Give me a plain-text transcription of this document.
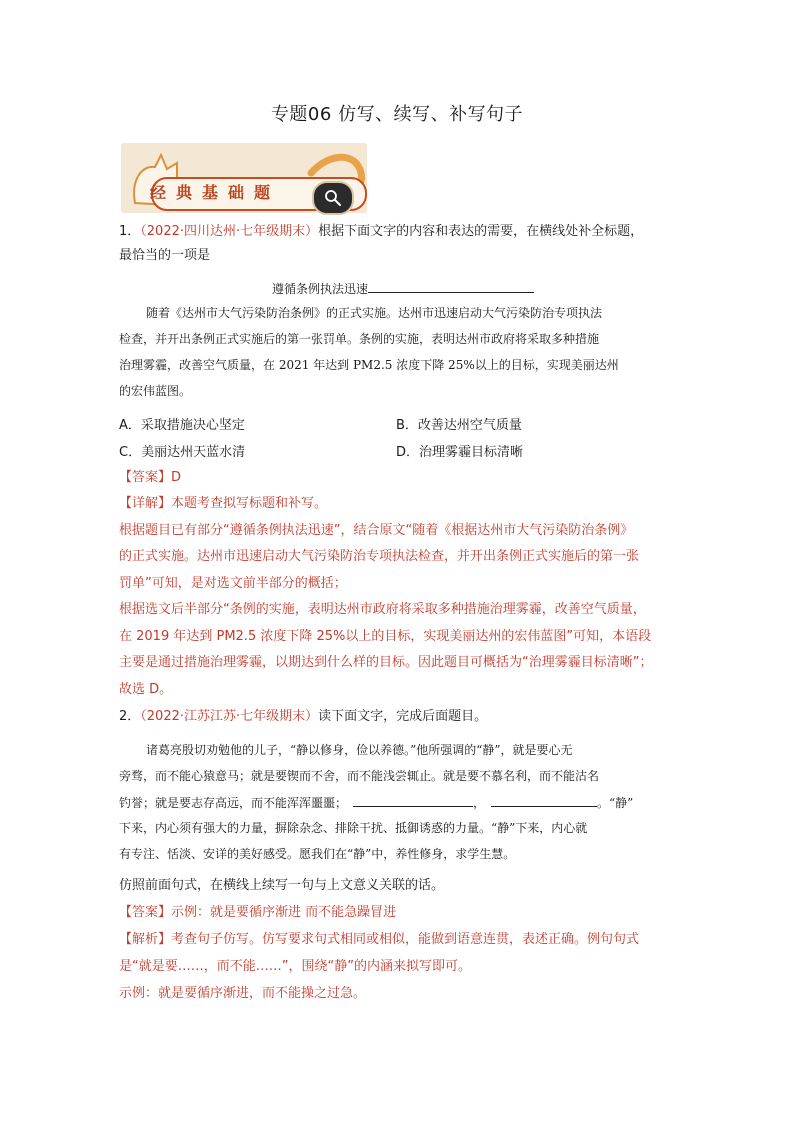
专题06 仿写、续写、补写句子
经典基础题
1．（2022·四川达州·七年级期末）根据下面文字的内容和表达的需要，在横线处补全标题，
最恰当的一项是
遵循条例执法迅速
随着《达州市大气污染防治条例》的正式实施。达州市迅速启动大气污染防治专项执法
检查，并开出条例正式实施后的第一张罚单。条例的实施，表明达州市政府将采取多种措施
治理雾霾，改善空气质量，在 2021 年达到 PM2.5 浓度下降 25%以上的目标，实现美丽达州
的宏伟蓝图。
A．采取措施决心坚定	B．改善达州空气质量
C．美丽达州天蓝水清	D．治理雾霾目标清晰
【答案】D
【详解】本题考查拟写标题和补写。
根据题目已有部分“遵循条例执法迅速”，结合原文“随着《根据达州市大气污染防治条例》
的正式实施。达州市迅速启动大气污染防治专项执法检查，并开出条例正式实施后的第一张
罚单”可知，是对选文前半部分的概括；
根据选文后半部分“条例的实施，表明达州市政府将采取多种措施治理雾霾，改善空气质量，
在 2019 年达到 PM2.5 浓度下降 25%以上的目标，实现美丽达州的宏伟蓝图”可知，本语段
主要是通过措施治理雾霾，以期达到什么样的目标。因此题目可概括为“治理雾霾目标清晰”；
故选 D。
2．（2022·江苏江苏·七年级期末）读下面文字，完成后面题目。
诸葛亮殷切劝勉他的儿子，“静以修身，俭以养德。”他所强调的“静”，就是要心无
旁骛，而不能心猿意马；就是要锲而不舍，而不能浅尝辄止。就是要不慕名利，而不能沽名
钓誉；就是要志存高远，而不能浑浑噩噩；	，	。“静”
下来，内心须有强大的力量，摒除杂念、排除干扰、抵御诱惑的力量。“静”下来，内心就
有专注、恬淡、安详的美好感受。愿我们在“静”中，养性修身，求学生慧。
仿照前面句式，在横线上续写一句与上文意义关联的话。
【答案】示例：就是要循序渐进 而不能急躁冒进
【解析】考查句子仿写。仿写要求句式相同或相似，能做到语意连贯，表述正确。例句句式
是“就是要……，而不能……”，围绕“静”的内涵来拟写即可。
示例：就是要循序渐进，而不能操之过急。
